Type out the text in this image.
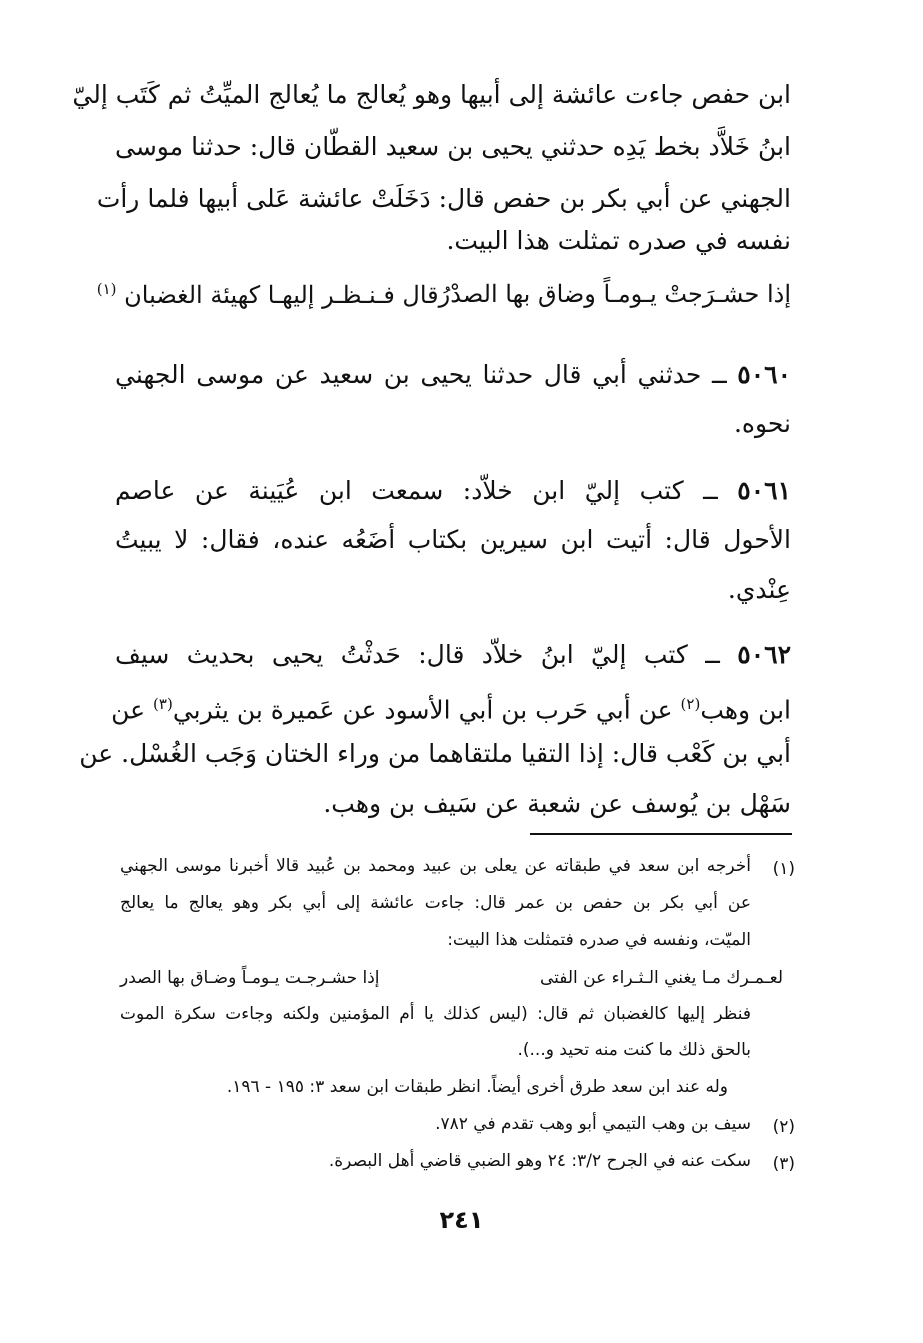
ابن حفص جاءت عائشة إلى أبيها وهو يُعالج ما يُعالج الميِّتُ ثم كَتَب إليّ
ابنُ خَلاَّد بخط يَدِه حدثني يحيى بن سعيد القطّان قال: حدثنا موسى
الجهني عن أبي بكر بن حفص قال: دَخَلَتْ عائشة عَلى أبيها فلما رأت
نفسه في صدره تمثلت هذا البيت.
إذا حشـرَجتْ يـومـاً وضاق بها الصدْرُ
قال فـنـظـر إليهـا كهيئة الغضبان $^{(١)}$
٥٠٦٠ ــ حدثني أبي قال حدثنا يحيى بن سعيد عن موسى الجهني
نحوه.
٥٠٦١ ــ كتب إليّ ابن خلاّد: سمعت ابن عُيَينة عن عاصم
الأحول قال: أتيت ابن سيرين بكتاب أضَعُه عنده، فقال: لا يبيتُ
عِنْدي.
٥٠٦٢ ــ كتب إليّ ابنُ خلاّد قال: حَدثْتُ يحيى بحديث سيف
ابن وهب$^{(٢)}$ عن أبي حَرب بن أبي الأسود عن عَميرة بن يثربي$^{(٣)}$ عن
أبي بن كَعْب قال: إذا التقيا ملتقاهما من وراء الختان وَجَب الغُسْل. عن
سَهْل بن يُوسف عن شعبة عن سَيف بن وهب.
(١)
أخرجه ابن سعد في طبقاته عن يعلى بن عبيد ومحمد بن عُبيد قالا أخبرنا موسى الجهني
عن أبي بكر بن حفص بن عمر قال: جاءت عائشة إلى أبي بكر وهو يعالج ما يعالج
الميّت، ونفسه في صدره فتمثلت هذا البيت:
لعـمـرك مـا يغني الـثـراء عن الفتى
إذا حشـرجـت يـومـاً وضـاق بها الصدر
فنظر إليها كالغضبان ثم قال: (ليس كذلك يا أم المؤمنين ولكنه وجاءت سكرة الموت
بالحق ذلك ما كنت منه تحيد و...).
وله عند ابن سعد طرق أخرى أيضاً. انظر طبقات ابن سعد ٣: ١٩٥ - ١٩٦.
(٢)
سيف بن وهب التيمي أبو وهب تقدم في ٧٨٢.
(٣)
سكت عنه في الجرح ٣/٢: ٢٤ وهو الضبي قاضي أهل البصرة.
٢٤١
